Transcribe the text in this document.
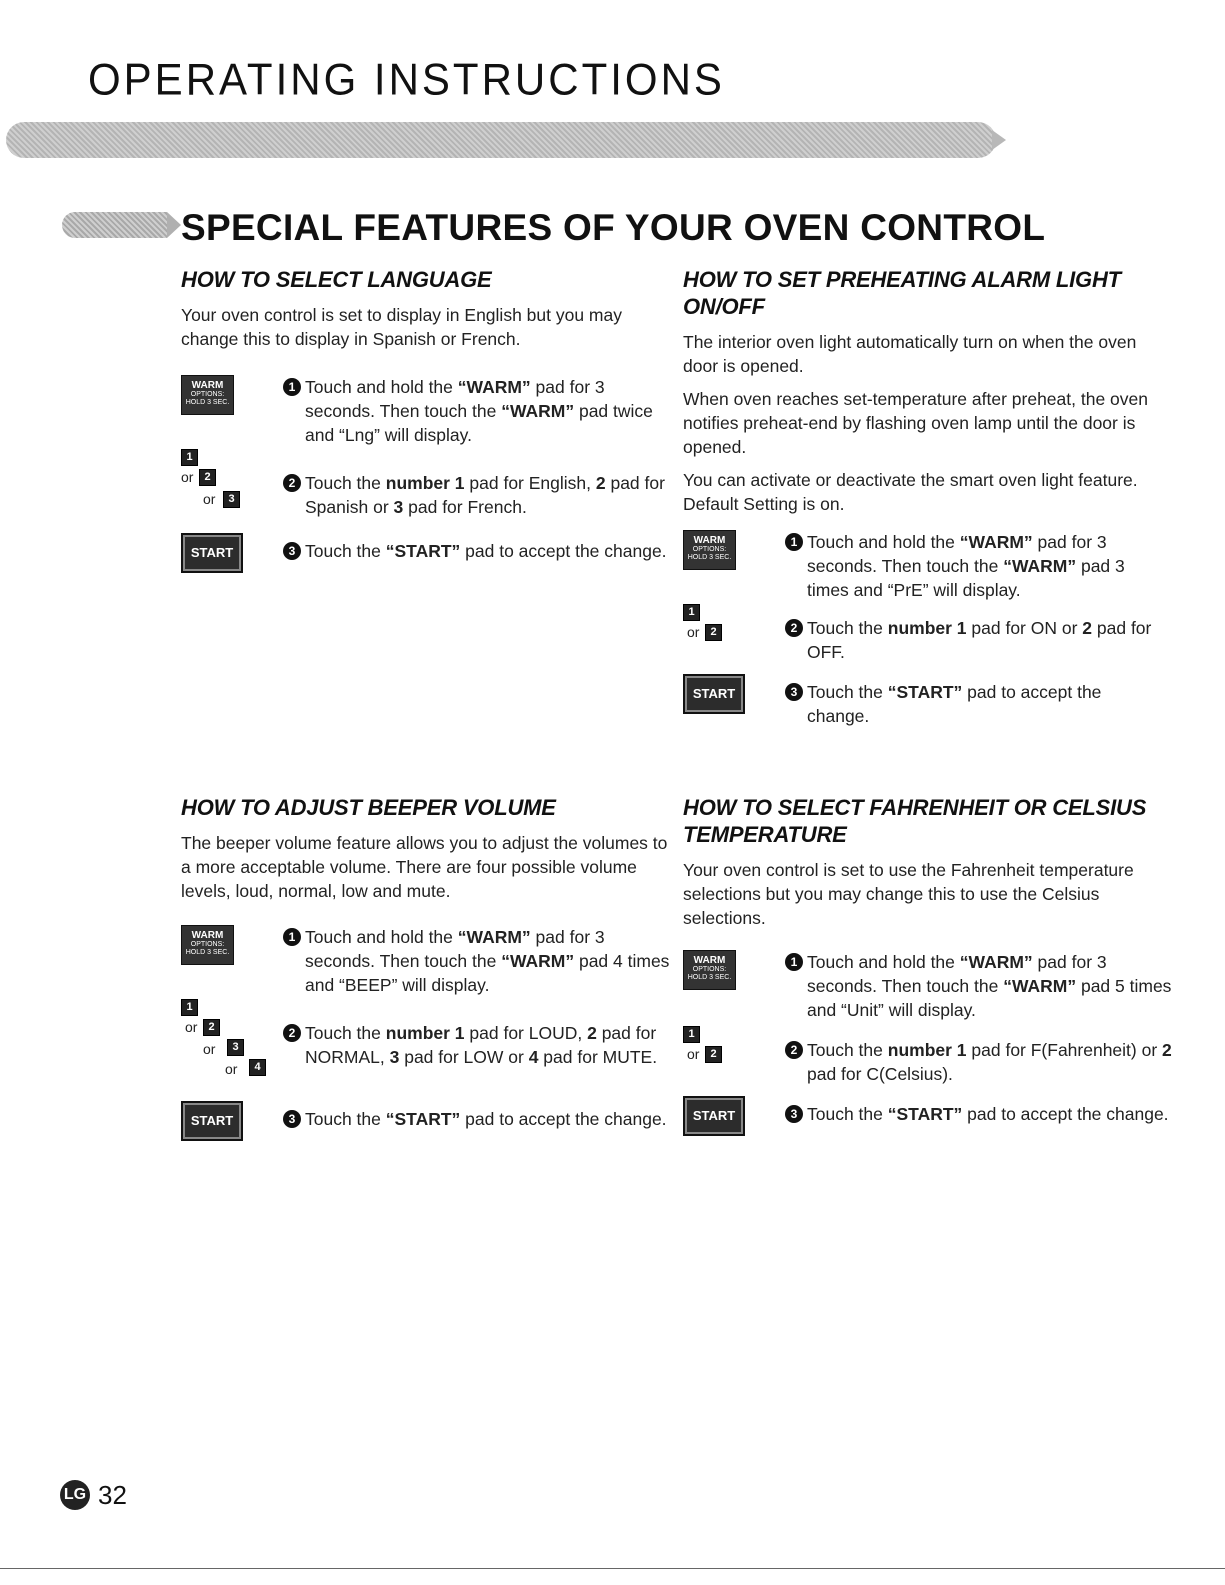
OPERATING INSTRUCTIONS
SPECIAL FEATURES OF YOUR OVEN CONTROL
HOW TO SELECT LANGUAGE
Your oven control is set to display in English but you may change this to display in Spanish or French.
WARM
OPTIONS:
HOLD 3 SEC.
1 Touch and hold the “WARM” pad for 3 seconds. Then touch the “WARM” pad twice and “Lng” will display.
1
or 2
or	3
2 Touch the number 1 pad for English, 2 pad for Spanish or 3 pad for French.
START	3 Touch the “START” pad to accept the change.
HOW TO SET PREHEATING ALARM LIGHT ON/OFF

The interior oven light automatically turn on when the oven door is opened.

When oven reaches set-temperature after preheat, the oven notifies preheat-end by flashing oven lamp until the door is opened.

You can activate or deactivate the smart oven light feature. Default Setting is on.

WARM
OPTIONS:
HOLD 3 SEC.
1 Touch and hold the “WARM” pad for 3 seconds. Then touch the “WARM” pad 3 times and “PrE” will display.
1
or 2	2 Touch the number 1 pad for ON or 2 pad for OFF.
START	3 Touch the “START” pad to accept the change.
HOW TO ADJUST BEEPER VOLUME
The beeper volume feature allows you to adjust the volumes to a more acceptable volume. There are four possible volume levels, loud, normal, low and mute.
WARM
OPTIONS:
HOLD 3 SEC.
1 Touch and hold the “WARM” pad for 3 seconds. Then touch the “WARM” pad 4 times and “BEEP” will display.
1
or 2
or	3
or	4
2 Touch the number 1 pad for LOUD, 2 pad for NORMAL, 3 pad for LOW or 4 pad for MUTE.
START	3 Touch the “START” pad to accept the change.
HOW TO SELECT FAHRENHEIT OR CELSIUS TEMPERATURE
Your oven control is set to use the Fahrenheit temperature selections but you may change this to use the Celsius selections.
WARM
OPTIONS:
HOLD 3 SEC.
1 Touch and hold the “WARM” pad for 3 seconds. Then touch the “WARM” pad 5 times and “Unit” will display.
1
or 2	2 Touch the number 1 pad for F(Fahrenheit) or 2 pad for C(Celsius).
START	3 Touch the “START” pad to accept the change.
LG 32
